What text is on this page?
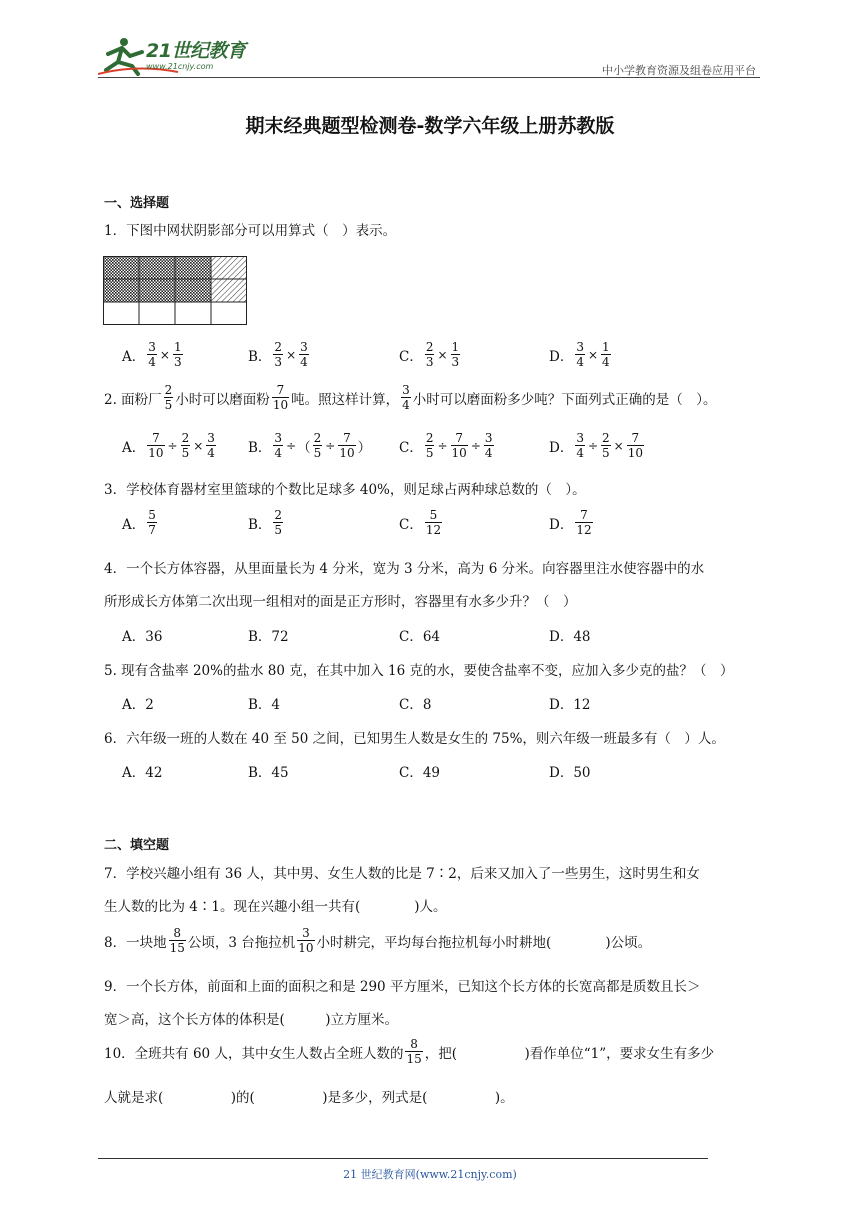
21世纪教育
www.21cnjy.com	中小学教育资源及组卷应用平台
期末经典题型检测卷-数学六年级上册苏教版
一、选择题
1．下图中网状阴影部分可以用算式（　）表示。
A． $\frac{3}{4} \times \frac{1}{3}$	B． $\frac{2}{3} \times \frac{3}{4}$	C． $\frac{2}{3} \times \frac{1}{3}$	D． $\frac{3}{4} \times \frac{1}{4}$
2. 面粉厂 $\frac{2}{5}$ 小时可以磨面粉 $\frac{7}{10}$ 吨。照这样计算， $\frac{3}{4}$ 小时可以磨面粉多少吨？下面列式正确的是（　）。
A． $\frac{7}{10} \div \frac{2}{5} \times \frac{3}{4}$ B． $\frac{3}{4}$ ÷ （ $\frac{2}{5} \div \frac{7}{10}$ ） C． $\frac{2}{5} \div \frac{7}{10} \div \frac{3}{4}$	D． $\frac{3}{4} \div \frac{2}{5} \times \frac{7}{10}$
3．学校体育器材室里篮球的个数比足球多 40%，则足球占两种球总数的（　）。
A． $\frac{5}{7}$	B． $\frac{2}{5}$	C． $\frac{5}{12}$	D． $\frac{7}{12}$
4．一个长方体容器，从里面量长为 4 分米，宽为 3 分米，高为 6 分米。向容器里注水使容器中的水
所形成长方体第二次出现一组相对的面是正方形时，容器里有水多少升？（　）
A．36	B．72	C．64	D．48
5. 现有含盐率 20%的盐水 80 克，在其中加入 16 克的水，要使含盐率不变，应加入多少克的盐？（　）
A．2	B．4	C．8	D．12
6．六年级一班的人数在 40 至 50 之间，已知男生人数是女生的 75%，则六年级一班最多有（　）人。
A．42	B．45	C．49	D．50
二、填空题
7．学校兴趣小组有 36 人，其中男、女生人数的比是 7∶2，后来又加入了一些男生，这时男生和女
生人数的比为 4∶1。现在兴趣小组一共有(　　　　)人。
8．一块地 $\frac{8}{15}$ 公顷，3 台拖拉机 $\frac{3}{10}$ 小时耕完，平均每台拖拉机每小时耕地(　　　　)公顷。
9．一个长方体，前面和上面的面积之和是 290 平方厘米，已知这个长方体的长宽高都是质数且长＞
宽＞高，这个长方体的体积是(　　　)立方厘米。
10．全班共有 60 人，其中女生人数占全班人数的 $\frac{8}{15}$ ，把(　　　　　)看作单位“1”，要求女生有多少
人就是求(　　　　　)的(　　　　　)是多少，列式是(　　　　　)。
21 世纪教育网(www.21cnjy.com)
